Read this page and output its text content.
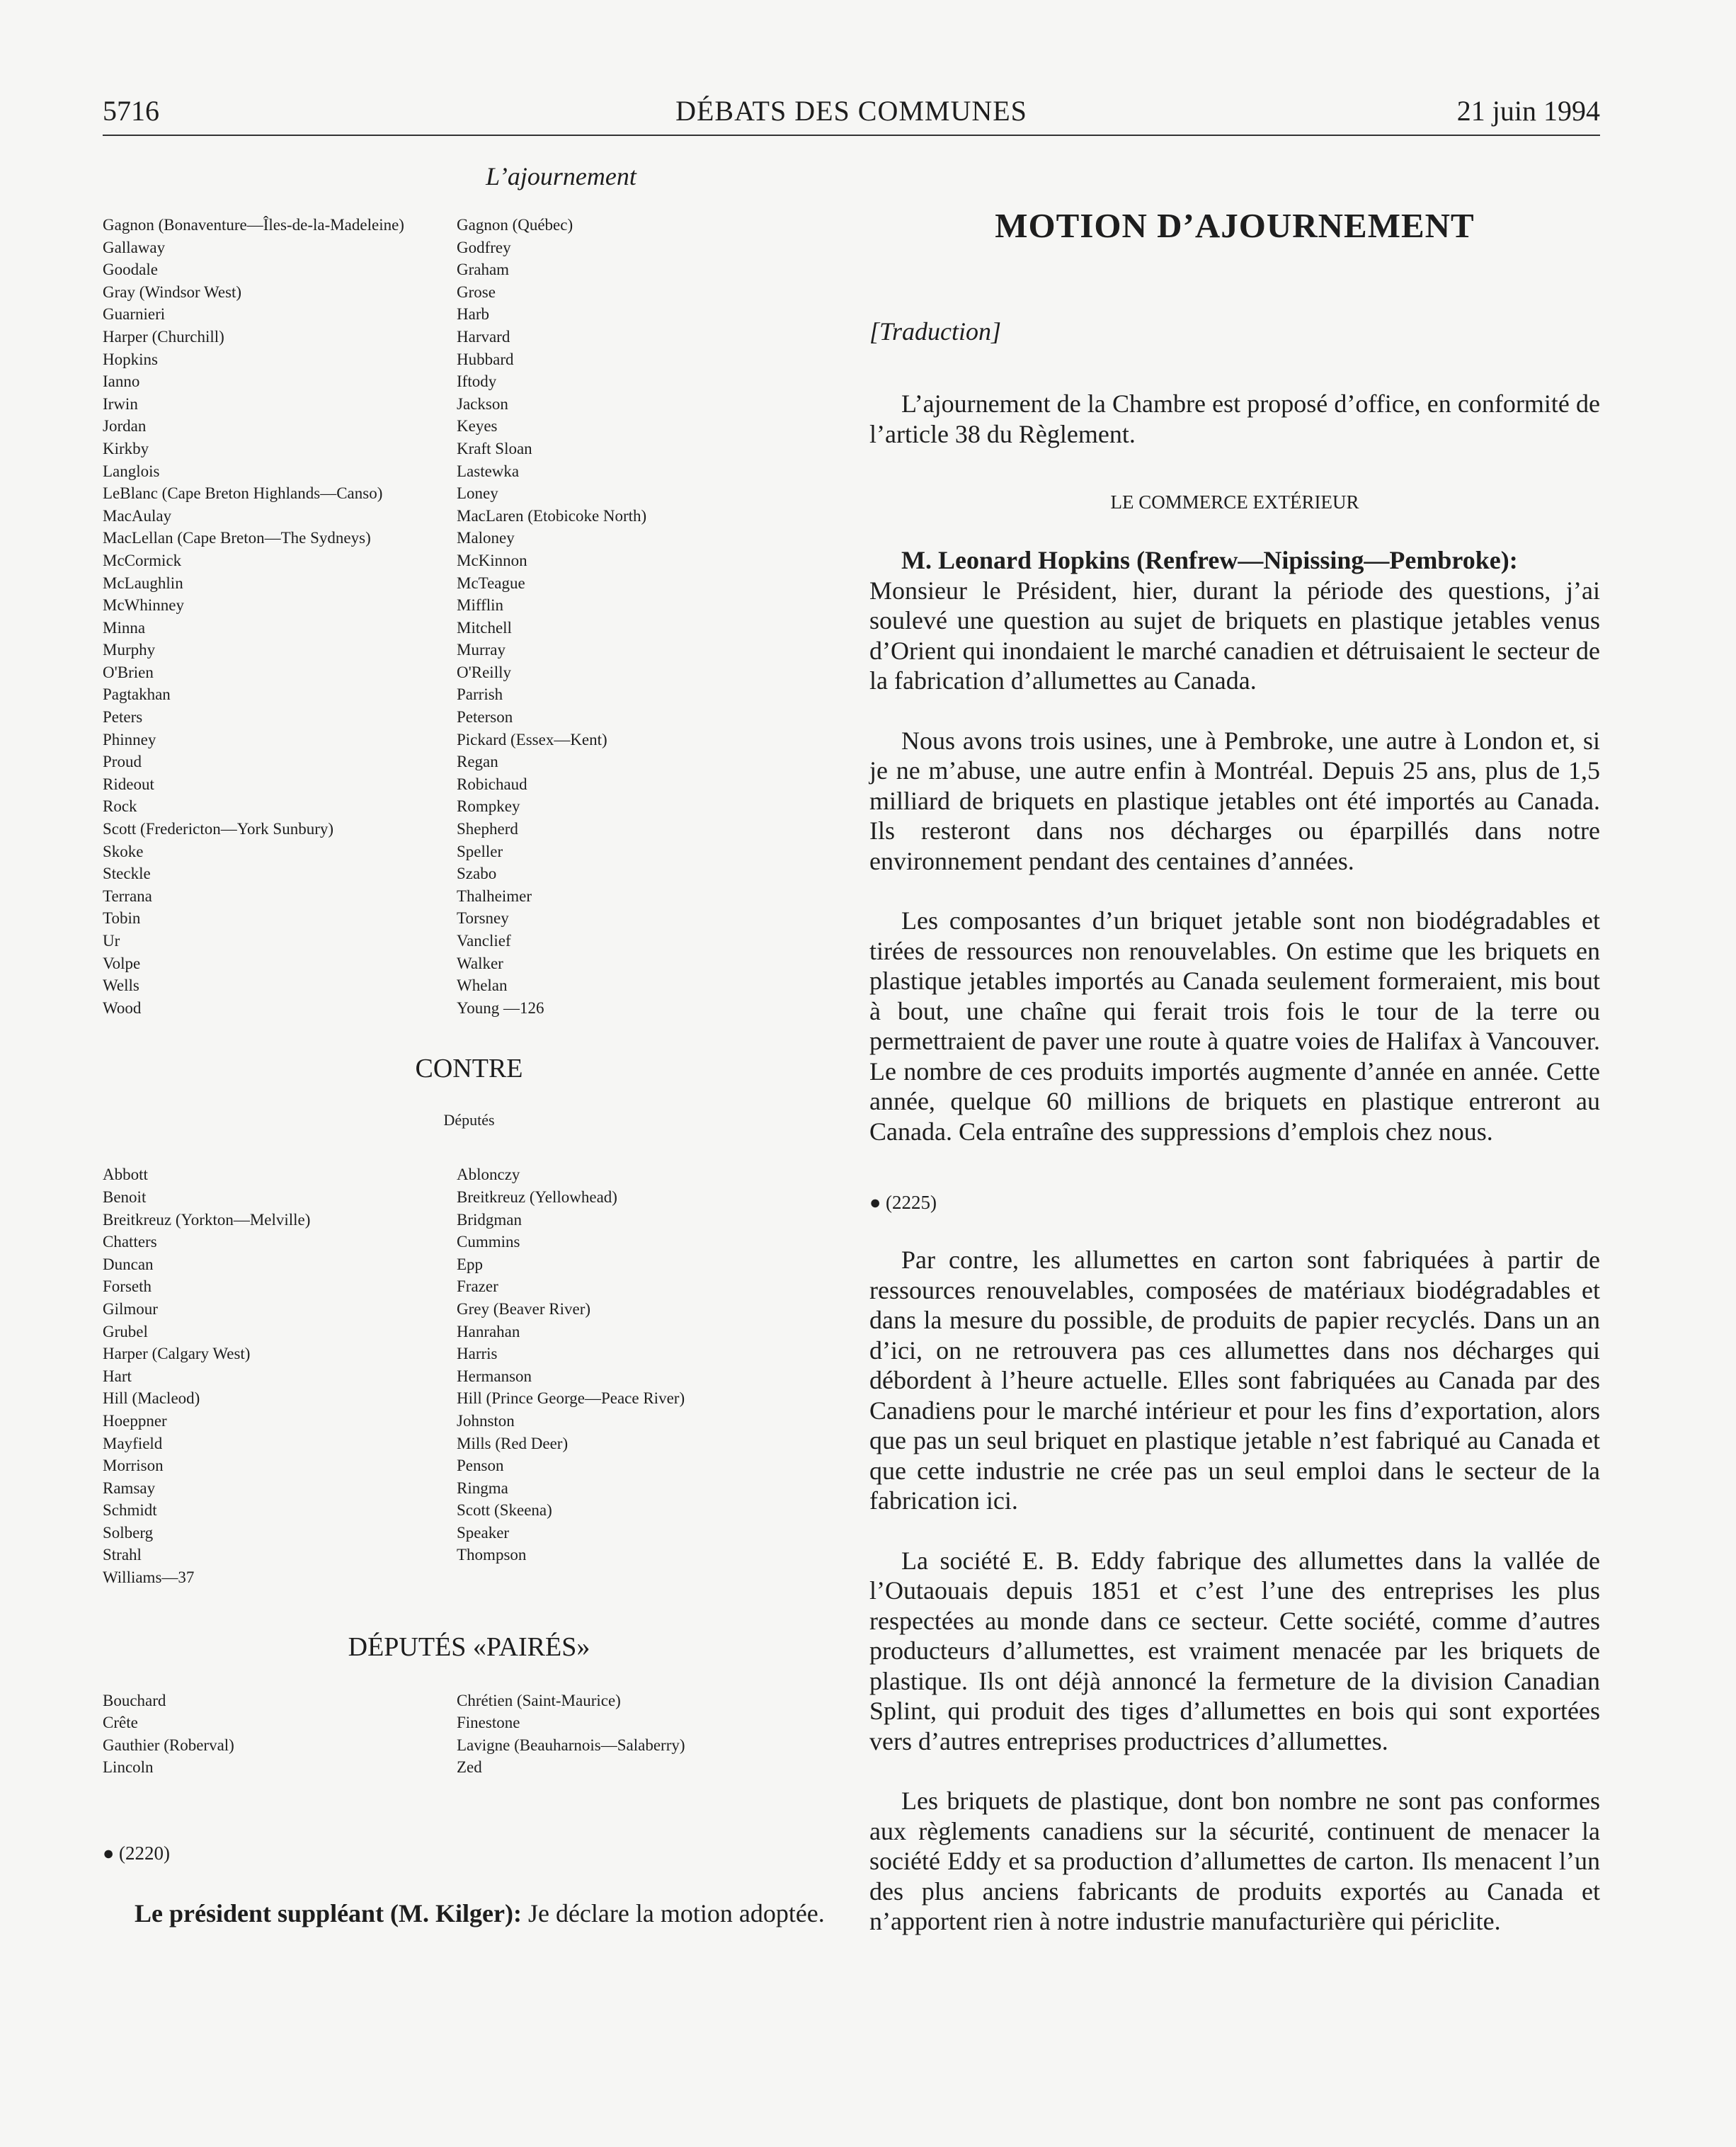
5716	DÉBATS DES COMMUNES	21 juin 1994
L’ajournement
Gagnon (Bonaventure—Îles-de-la-Madeleine)
Gallaway
Goodale
Gray (Windsor West)
Guarnieri
Harper (Churchill)
Hopkins
Ianno
Irwin
Jordan
Kirkby
Langlois
LeBlanc (Cape Breton Highlands—Canso)
MacAulay
MacLellan (Cape Breton—The Sydneys)
McCormick
McLaughlin
McWhinney
Minna
Murphy
O'Brien
Pagtakhan
Peters
Phinney
Proud
Rideout
Rock
Scott (Fredericton—York Sunbury)
Skoke
Steckle
Terrana
Tobin
Ur
Volpe
Wells
Wood
Gagnon (Québec)
Godfrey
Graham
Grose
Harb
Harvard
Hubbard
Iftody
Jackson
Keyes
Kraft Sloan
Lastewka
Loney
MacLaren (Etobicoke North)
Maloney
McKinnon
McTeague
Mifflin
Mitchell
Murray
O'Reilly
Parrish
Peterson
Pickard (Essex—Kent)
Regan
Robichaud
Rompkey
Shepherd
Speller
Szabo
Thalheimer
Torsney
Vanclief
Walker
Whelan
Young —126
CONTRE
Députés
Abbott
Benoit
Breitkreuz (Yorkton—Melville)
Chatters
Duncan
Forseth
Gilmour
Grubel
Harper (Calgary West)
Hart
Hill (Macleod)
Hoeppner
Mayfield
Morrison
Ramsay
Schmidt
Solberg
Strahl
Williams—37
Ablonczy
Breitkreuz (Yellowhead)
Bridgman
Cummins
Epp
Frazer
Grey (Beaver River)
Hanrahan
Harris
Hermanson
Hill (Prince George—Peace River)
Johnston
Mills (Red Deer)
Penson
Ringma
Scott (Skeena)
Speaker
Thompson
DÉPUTÉS «PAIRÉS»
Bouchard
Crête
Gauthier (Roberval)
Lincoln
Chrétien (Saint-Maurice)
Finestone
Lavigne (Beauharnois—Salaberry)
Zed

● (2220)

Le président suppléant (M. Kilger): Je déclare la motion adoptée.

MOTION D’AJOURNEMENT
[Traduction]

L’ajournement de la Chambre est proposé d’office, en conformité de l’article 38 du Règlement.

LE COMMERCE EXTÉRIEUR

M. Leonard Hopkins (Renfrew—Nipissing—Pembroke):

Monsieur le Président, hier, durant la période des questions, j’ai soulevé une question au sujet de briquets en plastique jetables venus d’Orient qui inondaient le marché canadien et détruisaient le secteur de la fabrication d’allumettes au Canada.

Nous avons trois usines, une à Pembroke, une autre à London et, si je ne m’abuse, une autre enfin à Montréal. Depuis 25 ans, plus de 1,5 milliard de briquets en plastique jetables ont été importés au Canada. Ils resteront dans nos décharges ou éparpillés dans notre environnement pendant des centaines d’années.

Les composantes d’un briquet jetable sont non biodégradables et tirées de ressources non renouvelables. On estime que les briquets en plastique jetables importés au Canada seulement formeraient, mis bout à bout, une chaîne qui ferait trois fois le tour de la terre ou permettraient de paver une route à quatre voies de Halifax à Vancouver. Le nombre de ces produits importés augmente d’année en année. Cette année, quelque 60 millions de briquets en plastique entreront au Canada. Cela entraîne des suppressions d’emplois chez nous.

● (2225)

Par contre, les allumettes en carton sont fabriquées à partir de ressources renouvelables, composées de matériaux biodégradables et dans la mesure du possible, de produits de papier recyclés. Dans un an d’ici, on ne retrouvera pas ces allumettes dans nos décharges qui débordent à l’heure actuelle. Elles sont fabriquées au Canada par des Canadiens pour le marché intérieur et pour les fins d’exportation, alors que pas un seul briquet en plastique jetable n’est fabriqué au Canada et que cette industrie ne crée pas un seul emploi dans le secteur de la fabrication ici.

La société E. B. Eddy fabrique des allumettes dans la vallée de l’Outaouais depuis 1851 et c’est l’une des entreprises les plus respectées au monde dans ce secteur. Cette société, comme d’autres producteurs d’allumettes, est vraiment menacée par les briquets de plastique. Ils ont déjà annoncé la fermeture de la division Canadian Splint, qui produit des tiges d’allumettes en bois qui sont exportées vers d’autres entreprises productrices d’allumettes.

Les briquets de plastique, dont bon nombre ne sont pas conformes aux règlements canadiens sur la sécurité, continuent de menacer la société Eddy et sa production d’allumettes de carton. Ils menacent l’un des plus anciens fabricants de produits exportés au Canada et n’apportent rien à notre industrie manufacturière qui périclite.
